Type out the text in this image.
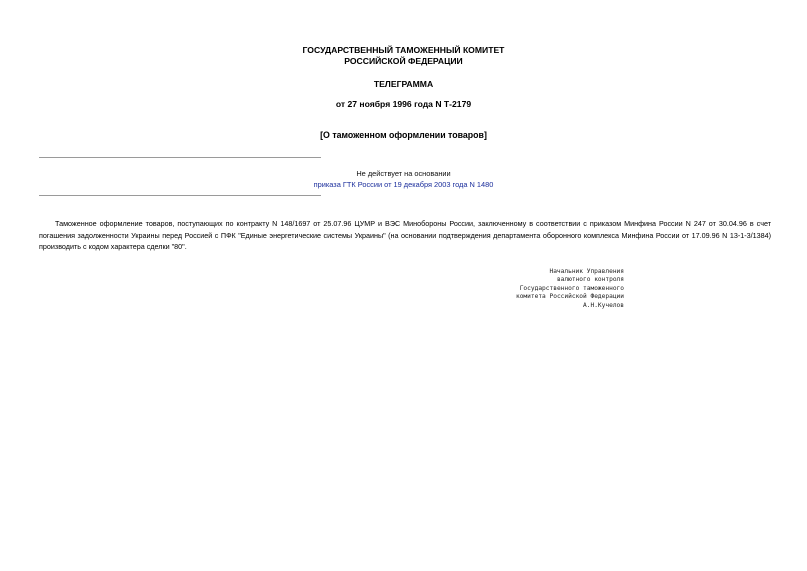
ГОСУДАРСТВЕННЫЙ ТАМОЖЕННЫЙ КОМИТЕТ
РОССИЙСКОЙ ФЕДЕРАЦИИ
ТЕЛЕГРАММА
от 27 ноября 1996 года N Т-2179
[О таможенном оформлении товаров]
Не действует на основании
приказа ГТК России от 19 декабря 2003 года N 1480

Таможенное оформление товаров, поступающих по контракту N 148/1697 от 25.07.96 ЦУМР и ВЭС Минобороны России, заключенному в соответствии с приказом Минфина России N 247 от 30.04.96 в счет погашения задолженности Украины перед Россией с ПФК "Единые энергетические системы Украины" (на основании подтверждения департамента оборонного комплекса Минфина России от 17.09.96 N 13-1-3/1384) производить с кодом характера сделки "80".

Начальник Управления
валютного контроля
Государственного таможенного
комитета Российской Федерации
А.Н.Кучелов
